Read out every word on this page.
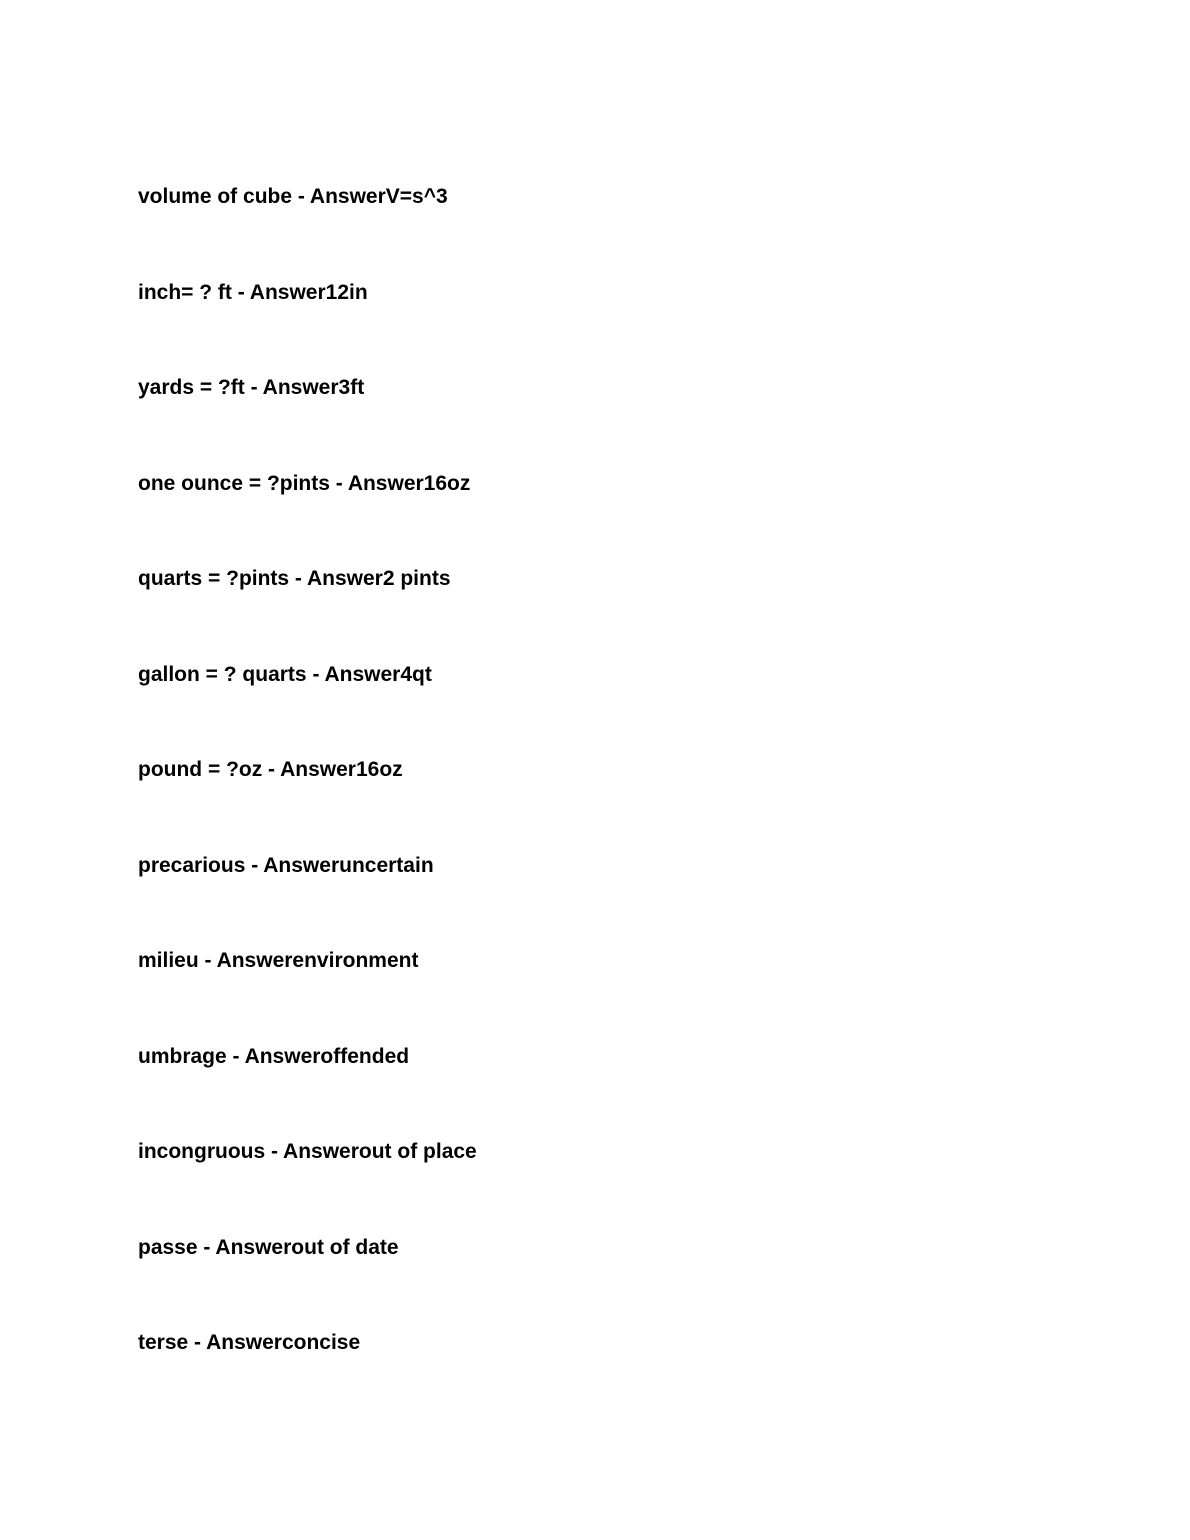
volume of cube - AnswerV=s^3
inch= ? ft - Answer12in
yards = ?ft - Answer3ft
one ounce = ?pints - Answer16oz
quarts = ?pints - Answer2 pints
gallon = ? quarts - Answer4qt
pound = ?oz - Answer16oz
precarious - Answeruncertain
milieu - Answerenvironment
umbrage - Answeroffended
incongruous - Answerout of place
passe - Answerout of date
terse - Answerconcise
